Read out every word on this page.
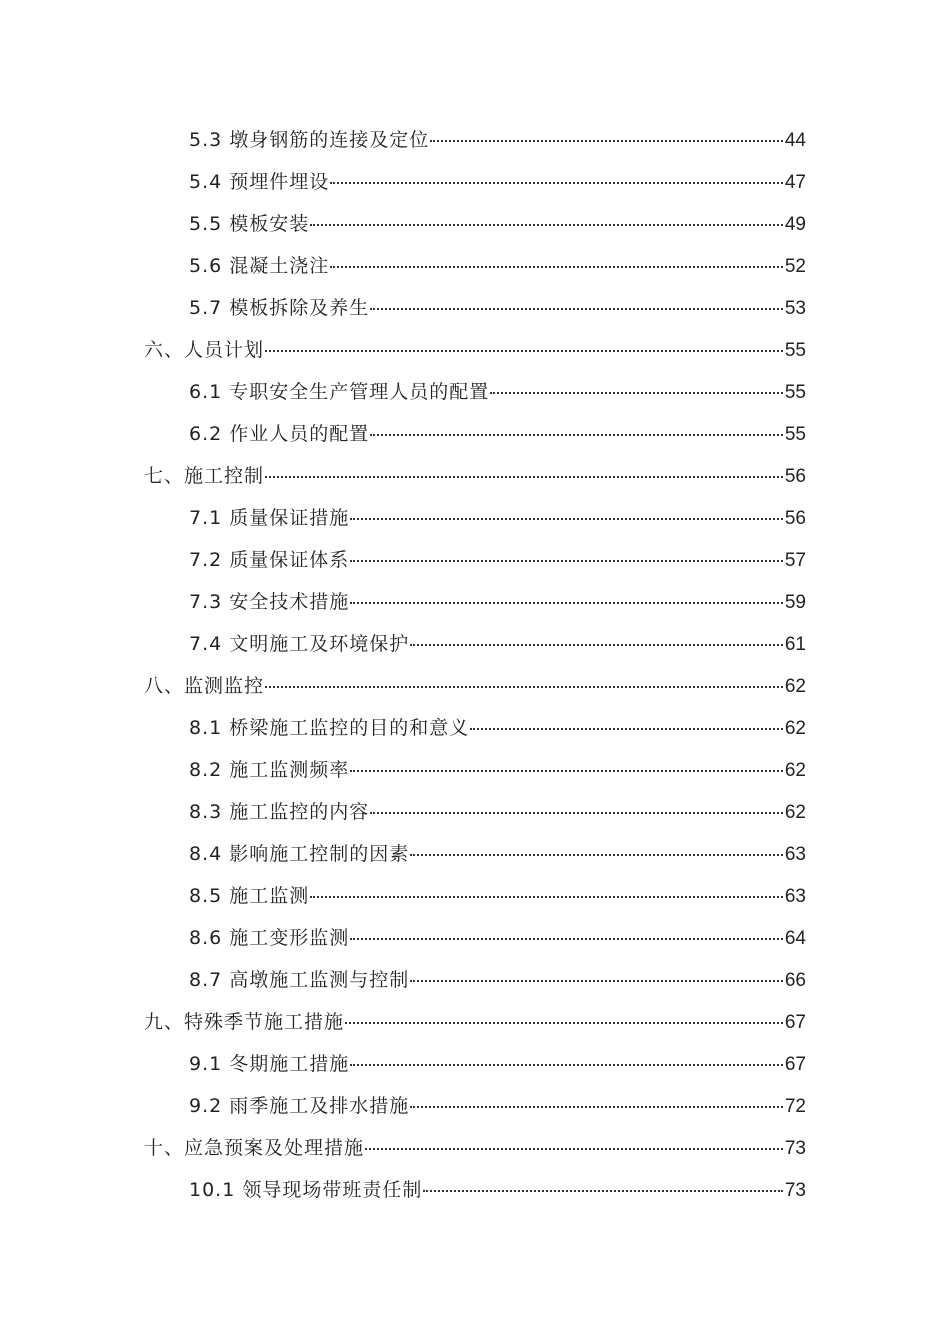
5.3 墩身钢筋的连接及定位	44
5.4 预埋件埋设	47
5.5 模板安装	49
5.6 混凝土浇注	52
5.7 模板拆除及养生	53
六、人员计划	55
6.1 专职安全生产管理人员的配置	55
6.2 作业人员的配置	55
七、施工控制	56
7.1 质量保证措施	56
7.2 质量保证体系	57
7.3 安全技术措施	59
7.4 文明施工及环境保护	61
八、监测监控	62
8.1 桥梁施工监控的目的和意义	62
8.2 施工监测频率	62
8.3 施工监控的内容	62
8.4 影响施工控制的因素	63
8.5 施工监测	63
8.6 施工变形监测	64
8.7 高墩施工监测与控制	66
九、特殊季节施工措施	67
9.1 冬期施工措施	67
9.2 雨季施工及排水措施	72
十、应急预案及处理措施	73
10.1 领导现场带班责任制	73
